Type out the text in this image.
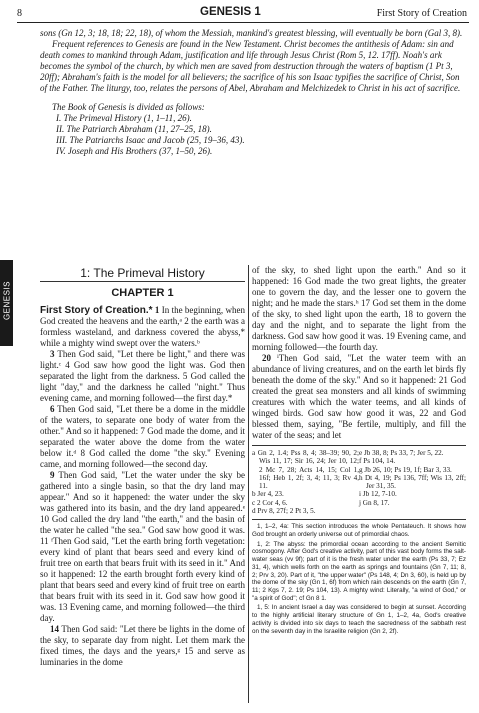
8	GENESIS 1	First Story of Creation

sons (Gn 12, 3; 18, 18; 22, 18), of whom the Messiah, mankind's greatest blessing, will eventually be born (Gal 3, 8).

Frequent references to Genesis are found in the New Testament. Christ becomes the antithesis of Adam: sin and death comes to mankind through Adam, justification and life through Jesus Christ (Rom 5, 12. 17ff). Noah's ark becomes the symbol of the church, by which men are saved from destruction through the waters of baptism (1 Pt 3, 20ff); Abraham's faith is the model for all believers; the sacrifice of his son Isaac typifies the sacrifice of Christ, Son of the Father. The liturgy, too, relates the persons of Abel, Abraham and Melchizedek to Christ in his act of sacrifice.

The Book of Genesis is divided as follows:

I. The Primeval History (1, 1–11, 26).
II. The Patriarch Abraham (11, 27–25, 18).
III. The Patriarchs Isaac and Jacob (25, 19–36, 43).
IV. Joseph and His Brothers (37, 1–50, 26).
GENESIS
1: The Primeval History
CHAPTER 1

First Story of Creation.* 1 In the beginning, when God created the heavens and the earth,ᵃ 2 the earth was a formless wasteland, and darkness covered the abyss,* while a mighty wind swept over the waters.ᵇ

3 Then God said, "Let there be light," and there was light.ᶜ 4 God saw how good the light was. God then separated the light from the darkness. 5 God called the light "day," and the darkness he called "night." Thus evening came, and morning followed—the first day.*

6 Then God said, "Let there be a dome in the middle of the waters, to separate one body of water from the other." And so it happened: 7 God made the dome, and it separated the water above the dome from the water below it.ᵈ 8 God called the dome "the sky." Evening came, and morning followed—the second day.

9 Then God said, "Let the water under the sky be gathered into a single basin, so that the dry land may appear." And so it happened: the water under the sky was gathered into its basin, and the dry land appeared.ᵉ 10 God called the dry land "the earth," and the basin of the water he called "the sea." God saw how good it was. 11 ᶠThen God said, "Let the earth bring forth vegetation: every kind of plant that bears seed and every kind of fruit tree on earth that bears fruit with its seed in it." And so it happened: 12 the earth brought forth every kind of plant that bears seed and every kind of fruit tree on earth that bears fruit with its seed in it. God saw how good it was. 13 Evening came, and morning followed—the third day.

14 Then God said: "Let there be lights in the dome of the sky, to separate day from night. Let them mark the fixed times, the days and the years,ᵍ 15 and serve as luminaries in the dome

of the sky, to shed light upon the earth." And so it happened: 16 God made the two great lights, the greater one to govern the day, and the lesser one to govern the night; and he made the stars.ʰ 17 God set them in the dome of the sky, to shed light upon the earth, 18 to govern the day and the night, and to separate the light from the darkness. God saw how good it was. 19 Evening came, and morning followed—the fourth day.

20 ⁱThen God said, "Let the water teem with an abundance of living creatures, and on the earth let birds fly beneath the dome of the sky." And so it happened: 21 God created the great sea monsters and all kinds of swimming creatures with which the water teems, and all kinds of winged birds. God saw how good it was, 22 and God blessed them, saying, "Be fertile, multiply, and fill the water of the seas; and let

a Gn 2, 1.4; Pss 8, 4; 38–39; 90, 2; Wis 11, 17; Sir 16, 24; Jer 10, 12; 2 Mc 7, 28; Acts 14, 15; Col 1, 16f; Heb 1, 2f; 3, 4; 11, 3; Rv 4, 11.
b Jer 4, 23.
c 2 Cor 4, 6.
d Prv 8, 27f; 2 Pt 3, 5.
e Jb 38, 8; Ps 33, 7; Jer 5, 22.
f Ps 104, 14.
g Jb 26, 10; Ps 19, 1f; Bar 3, 33.
h Dt 4, 19; Ps 136, 7ff; Wis 13, 2ff; Jer 31, 35.
i Jb 12, 7-10.
j Gn 8, 17.

1, 1–2, 4a: This section introduces the whole Pentateuch. It shows how God brought an orderly universe out of primordial chaos.

1, 2: The abyss: the primordial ocean according to the ancient Semitic cosmogony. After God's creative activity, part of this vast body forms the salt-water seas (vv 9f); part of it is the fresh water under the earth (Ps 33, 7; Ez 31, 4), which wells forth on the earth as springs and fountains (Gn 7, 11; 8, 2; Prv 3, 20). Part of it, "the upper water" (Ps 148, 4; Dn 3, 60), is held up by the dome of the sky (Gn 1, 6f) from which rain descends on the earth (Gn 7, 11; 2 Kgs 7, 2. 19; Ps 104, 13). A mighty wind: Literally, "a wind of God," or "a spirit of God"; cf Gn 8 1.

1, 5: In ancient Israel a day was considered to begin at sunset. According to the highly artificial literary structure of Gn 1, 1–2, 4a, God's creative activity is divided into six days to teach the sacredness of the sabbath rest on the seventh day in the Israelite religion (Gn 2, 2f).
